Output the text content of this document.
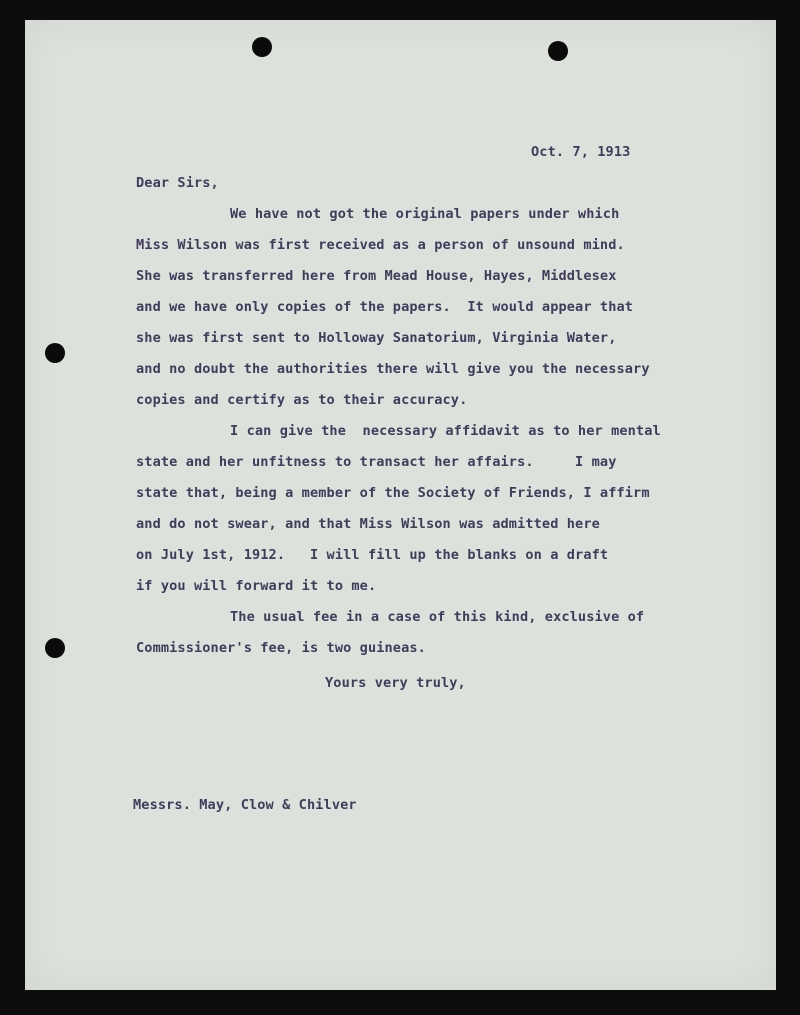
Oct. 7, 1913

Dear Sirs,

We have not got the original papers under which

Miss Wilson was first received as a person of unsound mind.

She was transferred here from Mead House, Hayes, Middlesex

and we have only copies of the papers.  It would appear that

she was first sent to Holloway Sanatorium, Virginia Water,

and no doubt the authorities there will give you the necessary

copies and certify as to their accuracy.

I can give the  necessary affidavit as to her mental

state and her unfitness to transact her affairs.     I may

state that, being a member of the Society of Friends, I affirm

and do not swear, and that Miss Wilson was admitted here

on July 1st, 1912.   I will fill up the blanks on a draft

if you will forward it to me.

The usual fee in a case of this kind, exclusive of

Commissioner's fee, is two guineas.

Yours very truly,

Messrs. May, Clow & Chilver
